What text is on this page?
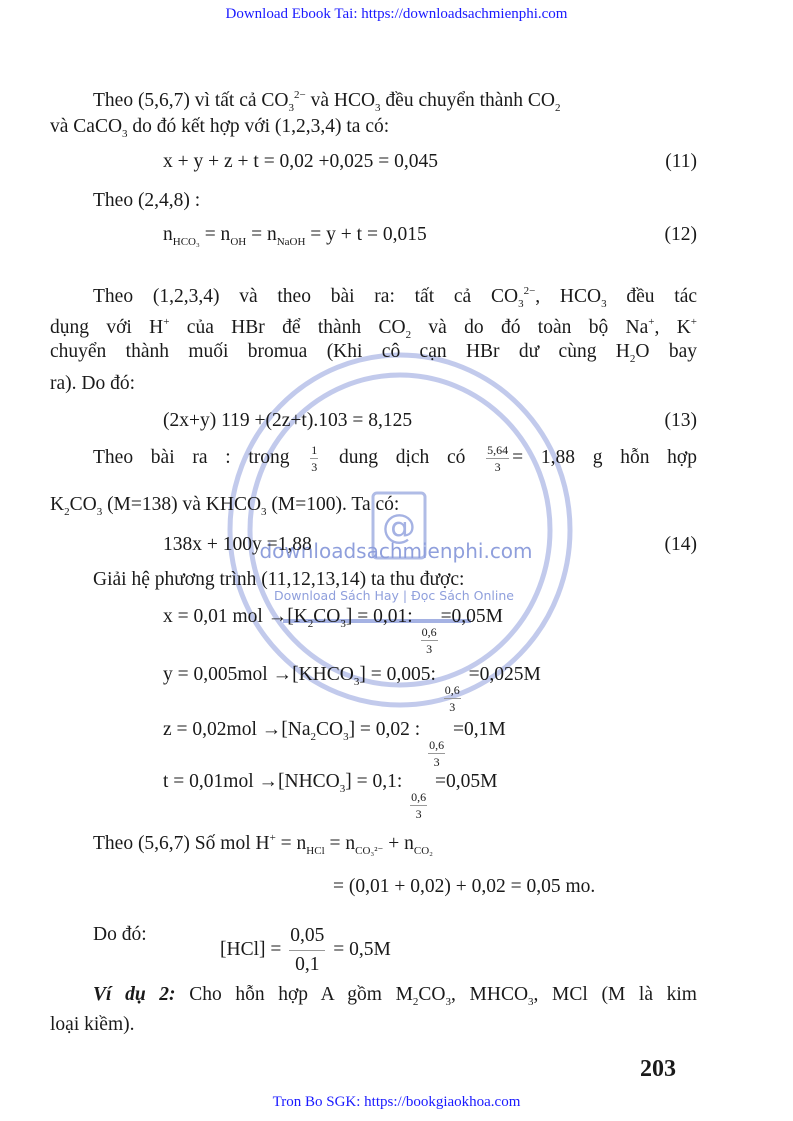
@
downloadsachmienphi.com
Download Sách Hay | Đọc Sách Online
Download Ebook Tai: https://downloadsachmienphi.com
Theo (5,6,7) vì tất cả $CO_3^{2-}$ và $HCO_3$ đều chuyển thành $CO_2$
và CaCO$_3$ do đó kết hợp với (1,2,3,4) ta có:
x + y + z + t = 0,02 +0,025 = 0,045	(11)
Theo (2,4,8) :
$n_{HCO_3} = n_{OH} = n_{NaOH} = y + t = 0,015$	(12)
Theo (1,2,3,4) và theo bài ra: tất cả $CO_3^{2-}$, $HCO_3$ đều tác
dụng với H+ của HBr để thành $CO_2$ và do đó toàn bộ Na+, K+
chuyển thành muối bromua (Khi cô cạn HBr dư cùng $H_2O$ bay
ra). Do đó:
(2x+y) 119 +(2z+t).103 = 8,125	(13)
Theo bài ra : trong $\frac{1}{3}$ dung dịch có $\frac{5,64}{3} = 1,88$ g hỗn hợp
$K_2CO_3$ (M=138) và $KHCO_3$ (M=100). Ta có:
138x + 100y =1,88	(14)
Giải hệ phương trình (11,12,13,14) ta thu được:
x = 0,01 mol $\to[K_2CO_3] = 0,01$:
$\frac{0,6}{3}$
=0,05M
$y = 0,005mol \to[KHCO_3] = 0,005$:
$\frac{0,6}{3}$
=0,025M
$z = 0,02mol \to[Na_2CO_3] = 0,02$ :
$\frac{0,6}{3}$
=0,1M
$t = 0,01mol \to[NHCO_3] = 0,1$:
$\frac{0,6}{3}$
=0,05M
Theo (5,6,7) Số mol $H^+ = n_{HCl} = n_{CO_3^{2-}} + n_{CO_2}$
= (0,01 + 0,02) + 0,02 = 0,05 mo.
Do đó:
$[HCl] = \frac{0,05}{0,1} = 0,5M$
Ví dụ 2: Cho hỗn hợp A gồm $M_2CO_3$, $MHCO_3$, MCl (M là kim
loại kiềm).
203
Tron Bo SGK: https://bookgiaokhoa.com
